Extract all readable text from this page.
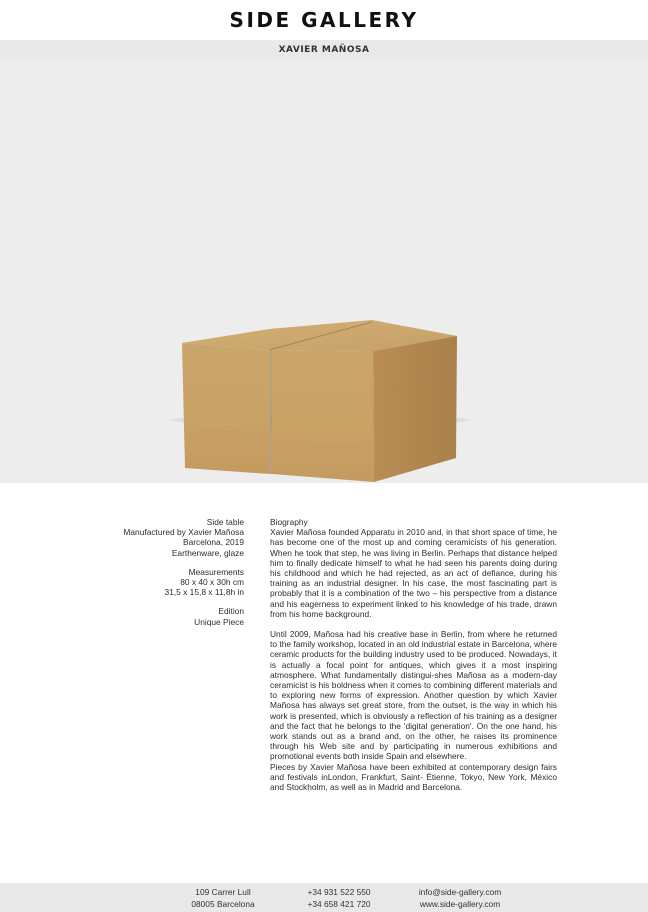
SIDE GALLERY
XAVIER MAÑOSA
Side table
Manufactured by Xavier Mañosa
Barcelona, 2019
Earthenware, glaze
Measurements
80 x 40 x 30h cm
31,5 x 15,8 x 11,8h in
Edition
Unique Piece
Biography

Xavier Mañosa founded Apparatu in 2010 and, in that short space of time, he has become one of the most up and coming ceramicists of his generation. When he took that step, he was living in Berlin. Perhaps that distance helped him to finally dedicate himself to what he had seen his parents doing during his childhood and which he had rejected, as an act of defiance, during his training as an industrial designer. In his case, the most fascinating part is probably that it is a combination of the two – his perspective from a distance and his eagerness to experiment linked to his knowledge of his trade, drawn from his home background.

Until 2009, Mañosa had his creative base in Berlin, from where he returned to the family workshop, located in an old industrial estate in Barcelona, where ceramic products for the building industry used to be produced. Nowadays, it is actually a focal point for antiques, which gives it a most inspiring atmosphere. What fundamentally distingui-shes Mañosa as a modern-day ceramicist is his boldness when it comes to combining different materials and to exploring new forms of expression. Another question by which Xavier Mañosa has always set great store, from the outset, is the way in which his work is presented, which is obviously a reflection of his training as a designer and the fact that he belongs to the 'digital generation'. On the one hand, his work stands out as a brand and, on the other, he raises its prominence through his Web site and by participating in numerous exhibitions and promotional events both inside Spain and elsewhere.

Pieces by Xavier Mañosa have been exhibited at contemporary design fairs and festivals inLondon, Frankfurt, Saint- Étienne, Tokyo, New York, México and Stockholm, as well as in Madrid and Barcelona.

109 Carrer Lull
08005 Barcelona
+34 931 522 550
+34 658 421 720
info@side-gallery.com
www.side-gallery.com
